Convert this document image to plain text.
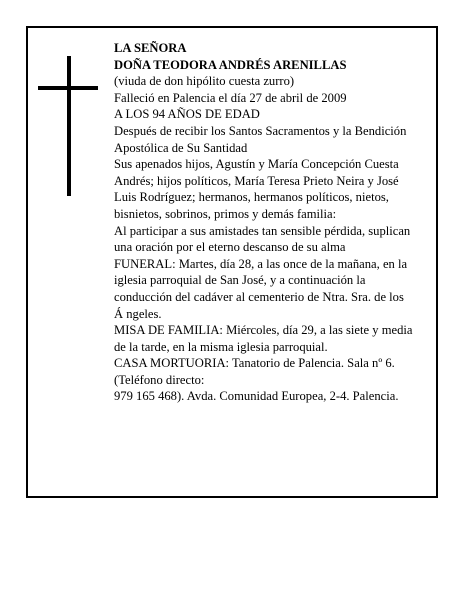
LA SEÑORA

DOÑA TEODORA ANDRÉS ARENILLAS

(viuda de don hipólito cuesta zurro)

Falleció en Palencia el día 27 de abril de 2009

A LOS 94 AÑOS DE EDAD

Después de recibir los Santos Sacramentos y la Bendición Apostólica de Su Santidad

Sus apenados hijos, Agustín y María Concepción Cuesta Andrés; hijos políticos, María Teresa Prieto Neira y José Luis Rodríguez; hermanos, hermanos políticos, nietos, bisnietos, sobrinos, primos y demás familia:

Al participar a sus amistades tan sensible pérdida, suplican una oración por el eterno descanso de su alma

FUNERAL: Martes, día 28, a las once de la mañana, en la iglesia parroquial de San José, y a continuación la conducción del cadáver al cementerio de Ntra. Sra. de los Á ngeles.

MISA DE FAMILIA: Miércoles, día 29, a las siete y media de la tarde, en la misma iglesia parroquial.

CASA MORTUORIA: Tanatorio de Palencia. Sala nº 6. (Teléfono directo:

979 165 468). Avda. Comunidad Europea, 2-4. Palencia.
